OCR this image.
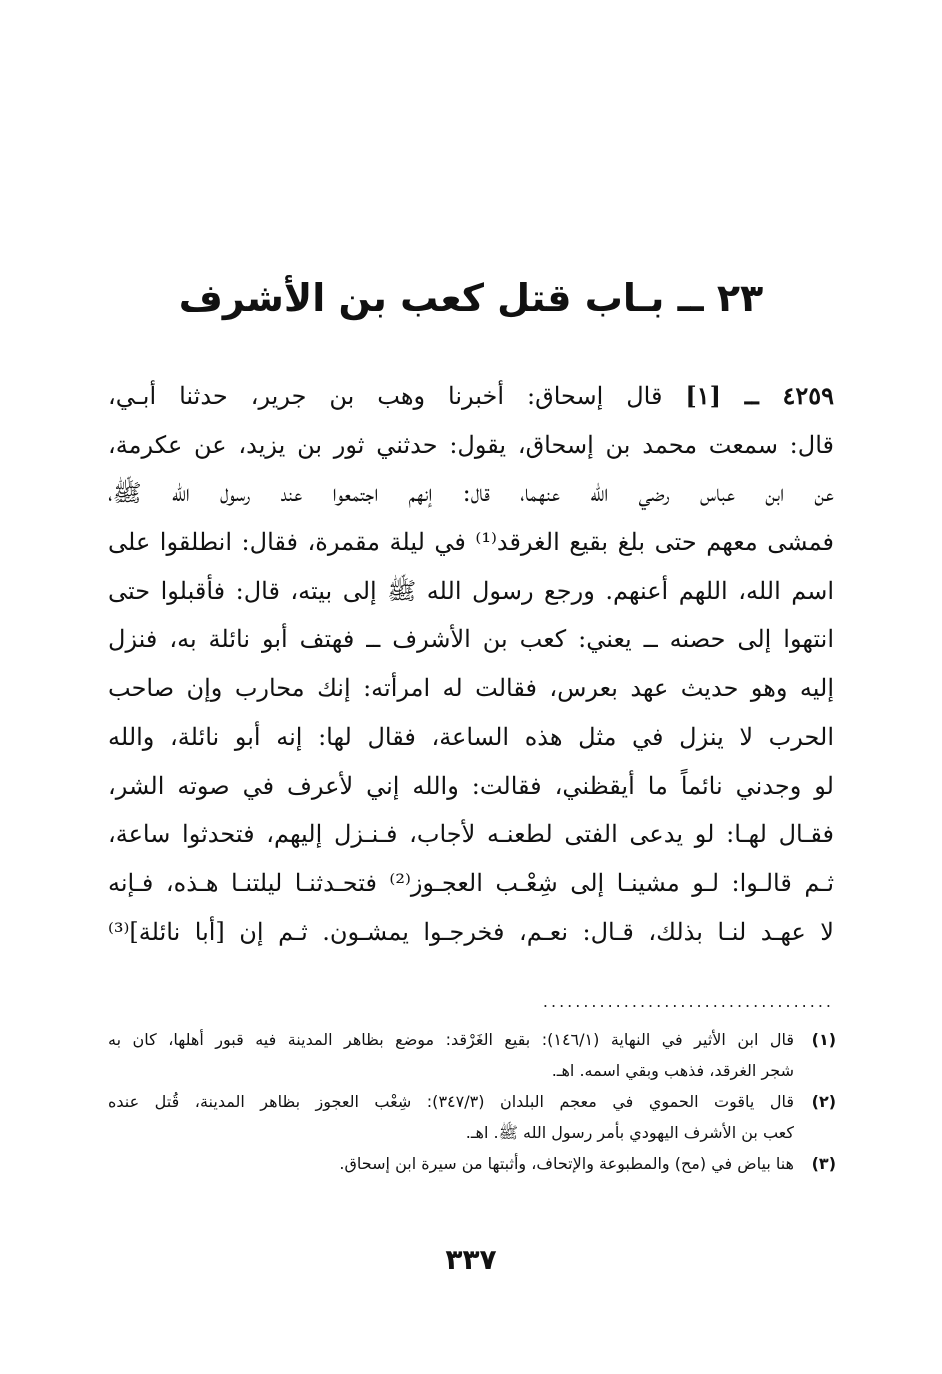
٢٣ ــ بـاب قتل كعب بن الأشرف
٤٢٥٩ ــ [١] قال إسحاق: أخبرنا وهب بن جرير، حدثنا أبـي،
قال: سمعت محمد بن إسحاق، يقول: حدثني ثور بن يزيد، عن عكرمة،
عن ابن عباس رضي الله عنهما، قال: إنهم اجتمعوا عند رسول الله ﷺ،
فمشى معهم حتى بلغ بقيع الغرقد⁽¹⁾ في ليلة مقمرة، فقال: انطلقوا على
اسم الله، اللهم أعنهم. ورجع رسول الله ﷺ إلى بيته، قال: فأقبلوا حتى
انتهوا إلى حصنه ــ يعني: كعب بن الأشرف ــ فهتف أبو نائلة به، فنزل
إليه وهو حديث عهد بعرس، فقالت له امرأته: إنك محارب وإن صاحب
الحرب لا ينزل في مثل هذه الساعة، فقال لها: إنه أبو نائلة، والله
لو وجدني نائماً ما أيقظني، فقالت: والله إني لأعرف في صوته الشر،
فقـال لهـا: لو يدعى الفتى لطعنـه لأجاب، فـنـزل إليهم، فتحدثوا ساعة،
ثـم قالـوا: لـو مشينـا إلى شِعْـب العجـوز⁽²⁾ فتحـدثنـا ليلتنـا هـذه، فـإنه
لا عهـد لنـا بذلك، قـال: نعـم، فخرجـوا يمشـون. ثـم إن [أبا نائلة]⁽³⁾
....................................
(١)قال ابن الأثير في النهاية (١٤٦/١): بقيع الغَرْقد: موضع بظاهر المدينة فيه قبور أهلها، كان به
شجر الغرقد، فذهب وبقي اسمه. اهـ.
(٢)قال ياقوت الحموي في معجم البلدان (٣٤٧/٣): شِعْب العجوز بظاهر المدينة، قُتل عنده
كعب بن الأشرف اليهودي بأمر رسول الله ﷺ. اهـ.
(٣)هنا بياض في (مح) والمطبوعة والإتحاف، وأثبتها من سيرة ابن إسحاق.
٣٣٧
